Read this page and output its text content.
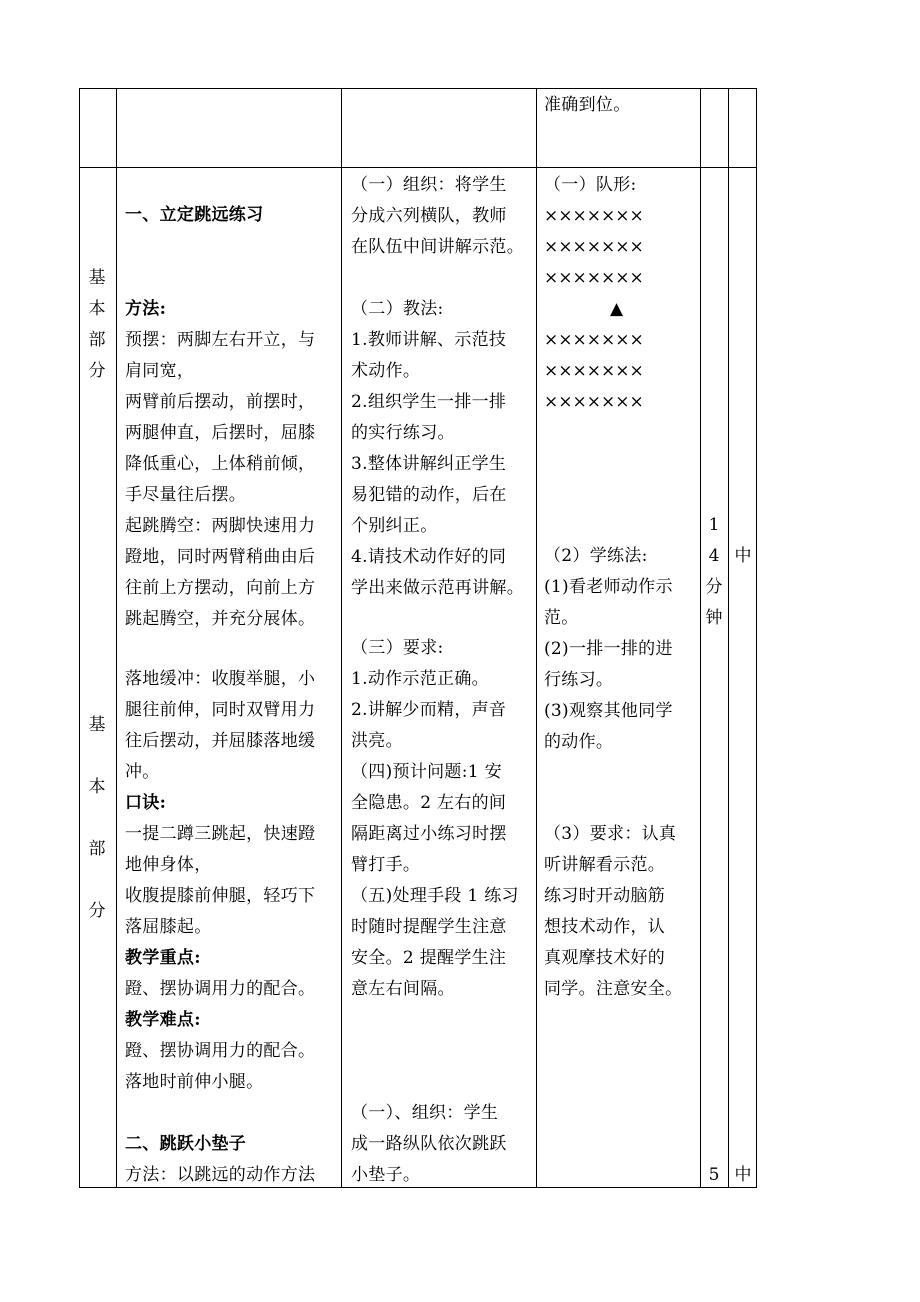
准确到位。
基
本
部
分
基
本
部
分
一、立定跳远练习
方法:
预摆：两脚左右开立，与
肩同宽，
两臂前后摆动，前摆时，
两腿伸直，后摆时，屈膝
降低重心，上体稍前倾，
手尽量往后摆。
起跳腾空：两脚快速用力
蹬地，同时两臂稍曲由后
往前上方摆动，向前上方
跳起腾空，并充分展体。
落地缓冲：收腹举腿，小
腿往前伸，同时双臂用力
往后摆动，并屈膝落地缓
冲。
口诀:
一提二蹲三跳起，快速蹬
地伸身体，
收腹提膝前伸腿，轻巧下
落屈膝起。
教学重点:
蹬、摆协调用力的配合。
教学难点:
蹬、摆协调用力的配合。
落地时前伸小腿。
二、跳跃小垫子
方法：以跳远的动作方法
（一）组织：将学生
分成六列横队，教师
在队伍中间讲解示范。
（二）教法:
1.教师讲解、示范技
术动作。
2.组织学生一排一排
的实行练习。
3.整体讲解纠正学生
易犯错的动作，后在
个别纠正。
4.请技术动作好的同
学出来做示范再讲解。
（三）要求:
1.动作示范正确。
2.讲解少而精，声音
洪亮。
（四)预计问题:1 安
全隐患。2 左右的间
隔距离过小练习时摆
臂打手。
（五)处理手段 1 练习
时随时提醒学生注意
安全。2 提醒学生注
意左右间隔。
（一）、组织：学生
成一路纵队依次跳跃
小垫子。
（一）队形:
×××××××
×××××××
×××××××
▲
×××××××
×××××××
×××××××
（2）学练法:
(1)看老师动作示
范。
(2)一排一排的进
行练习。
(3)观察其他同学
的动作。
（3）要求：认真
听讲解看示范。
练习时开动脑筋
想技术动作，认
真观摩技术好的
同学。注意安全。
1
4
分
钟
5
中
中
